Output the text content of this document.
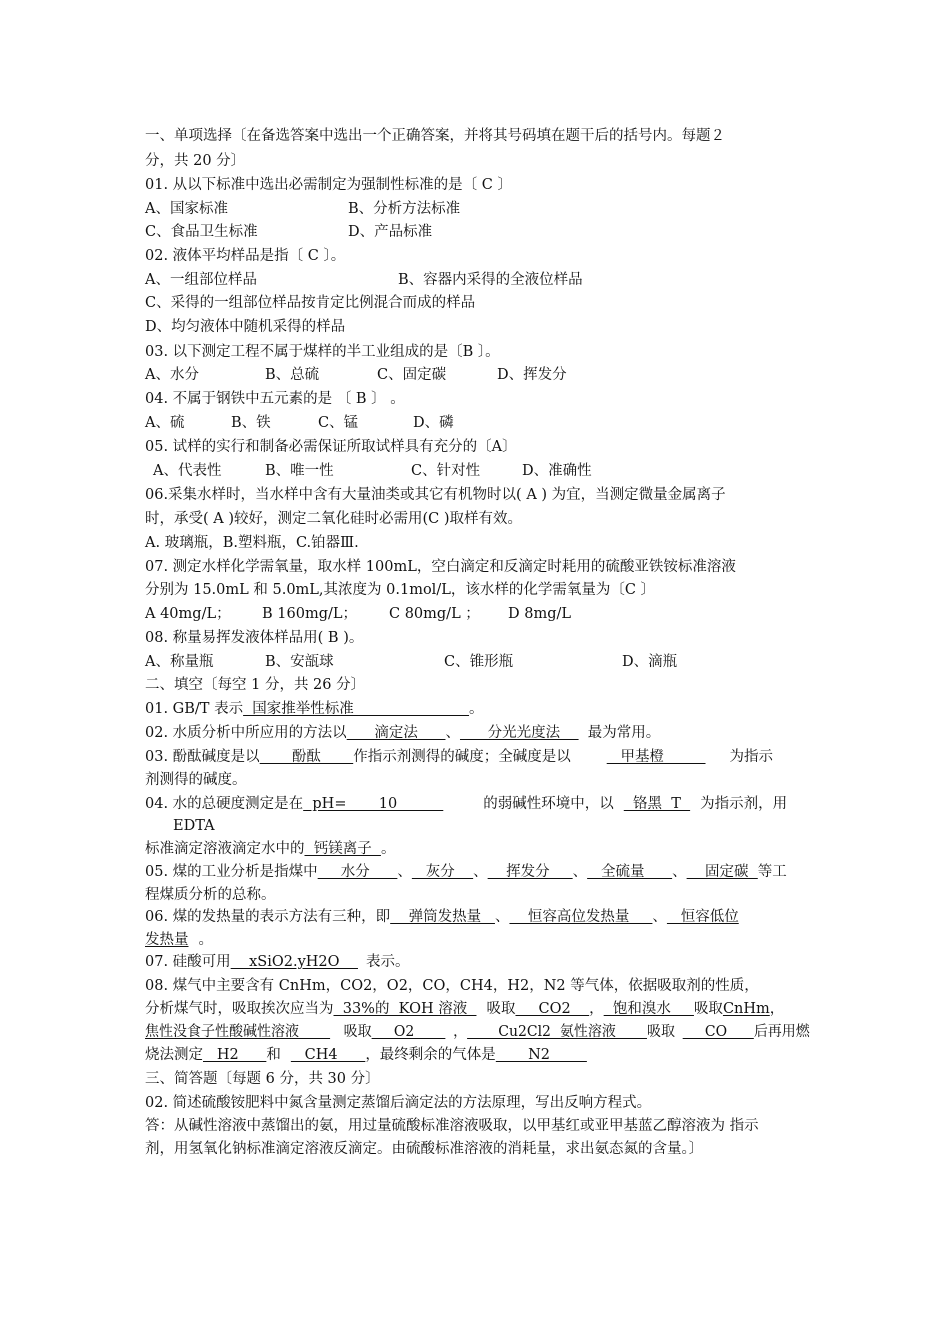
一、单项选择〔在备选答案中选出一个正确答案，并将其号码填在题干后的括号内。每题２
分，共 20 分〕
01. 从以下标准中选出必需制定为强制性标准的是〔 C 〕
A、国家标准	B、分析方法标准
C、食品卫生标准	D、产品标准
02. 液体平均样品是指〔 C 〕。
A、一组部位样品	B、容器内采得的全液位样品
C、采得的一组部位样品按肯定比例混合而成的样品
D、均匀液体中随机采得的样品
03. 以下测定工程不属于煤样的半工业组成的是〔B 〕。
A、水分	B、总硫	C、固定碳	D、挥发分
04. 不属于钢铁中五元素的是 〔 B 〕 。
A、硫	B、铁	C、锰	D、磷
05. 试样的实行和制备必需保证所取试样具有充分的〔A〕
A、代表性	B、唯一性	C、针对性	D、准确性
06.采集水样时，当水样中含有大量油类或其它有机物时以( A ) 为宜，当测定微量金属离子
时，承受( A )较好，测定二氧化硅时必需用(C )取样有效。
A. 玻璃瓶，B.塑料瓶，C.铂器Ⅲ.
07. 测定水样化学需氧量，取水样 100mL，空白滴定和反滴定时耗用的硫酸亚铁铵标准溶液
分别为 15.0mL 和 5.0mL,其浓度为 0.1mol/L，该水样的化学需氧量为〔C 〕
A 40mg/L； B 160mg/L； C 80mg/L ； D 8mg/L
08. 称量易挥发液体样品用( B )。
A、称量瓶	B、安瓿球	C、锥形瓶	D、滴瓶
二、填空〔每空 1 分，共 26 分〕
01. GB/T 表示  国家推举性标准                         。
02. 水质分析中所应用的方法以      滴定法      、      分光光度法      最为常用。
03. 酚酞碱度是以       酚酞       作指示剂测得的碱度；全碱度是以   甲基橙         为指示
剂测得的碱度。
04. 水的总硬度测定是在  pH=       10	的弱碱性环境中，以  铬黑  T  为指示剂，用
EDTA
标准滴定溶液滴定水中的  钙镁离子  。
05. 煤的工业分析是指煤中     水分      、   灰分    、    挥发分     、   全硫量      、    固定碳  等工
程煤质分析的总称。
06. 煤的发热量的表示方法有三种，即    弹筒发热量   、    恒容高位发热量     、   恒容低位
发热量 。
07. 硅酸可用    xSiO2.yH2O    表示。
08. 煤气中主要含有 CnHm，CO2，O2，CO，CH4，H2，N2 等气体，依据吸取剂的性质，
分析煤气时，吸取挨次应当为  33%的  KOH 溶液  吸取     CO2    ，  饱和溴水     吸取CnHm，
焦性没食子性酸碱性溶液       吸取     O2       ，       Cu2Cl2  氨性溶液       吸取     CO      后再用燃
烧法测定   H2      和   CH4      ，最终剩余的气体是       N2
三、简答题〔每题 6 分，共 30 分〕
02. 简述硫酸铵肥料中氮含量测定蒸馏后滴定法的方法原理，写出反响方程式。
答：从碱性溶液中蒸馏出的氨，用过量硫酸标准溶液吸取，以甲基红或亚甲基蓝乙醇溶液为 指示
剂，用氢氧化钠标准滴定溶液反滴定。由硫酸标准溶液的消耗量，求出氨态氮的含量。〕
